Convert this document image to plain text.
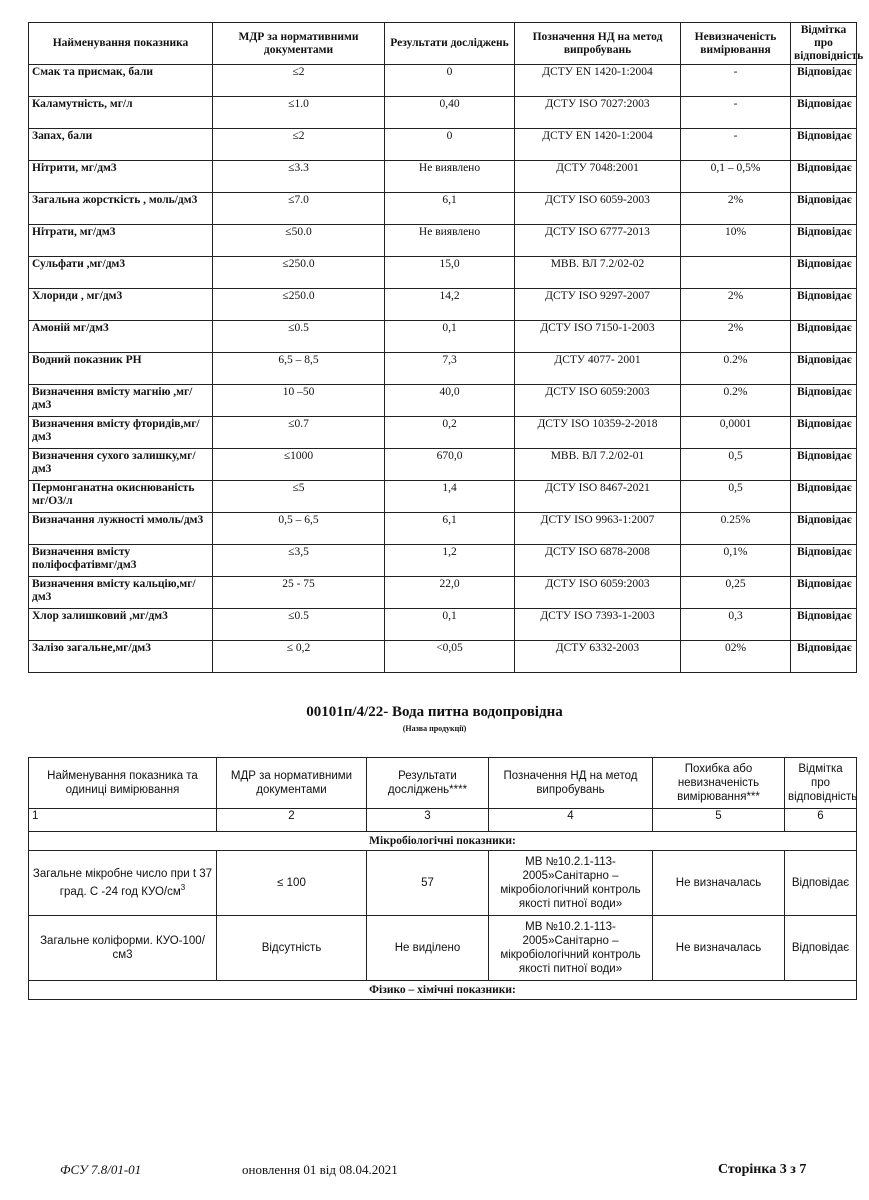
Найменування показника	МДР за нормативними документами	Результати досліджень	Позначення НД на метод випробувань	Невизначеність вимірювання	Відмітка про відповідність
Смак та присмак, бали	≤2	0	ДСТУ EN 1420-1:2004	-	Відповідає
Каламутність, мг/л	≤1.0	0,40	ДСТУ ISO 7027:2003	-	Відповідає
Запах, бали	≤2	0	ДСТУ EN 1420-1:2004	-	Відповідає
Нітрити, мг/дм3	≤3.3	Не виявлено	ДСТУ 7048:2001	0,1 – 0,5%	Відповідає
Загальна жорсткість , моль/дм3	≤7.0	6,1	ДСТУ ISO 6059-2003	2%	Відповідає
Нітрати, мг/дм3	≤50.0	Не виявлено	ДСТУ ISO 6777-2013	10%	Відповідає
Сульфати ,мг/дм3	≤250.0	15,0	МВВ. ВЛ 7.2/02-02		Відповідає
Хлориди , мг/дм3	≤250.0	14,2	ДСТУ ISO 9297-2007	2%	Відповідає
Амоній мг/дм3	≤0.5	0,1	ДСТУ ISO 7150-1-2003	2%	Відповідає
Водний показник РН	6,5 – 8,5	7,3	ДСТУ 4077- 2001	0.2%	Відповідає
Визначення вмісту магнію ,мг/дм3	10 –50	40,0	ДСТУ ISO 6059:2003	0.2%	Відповідає
Визначення вмісту фторидів,мг/дм3	≤0.7	0,2	ДСТУ ISO 10359-2-2018	0,0001	Відповідає
Визначення сухого залишку,мг/дм3	≤1000	670,0	МВВ. ВЛ 7.2/02-01	0,5	Відповідає
Пермонганатна окиснюваність мг/О3/л	≤5	1,4	ДСТУ ISO 8467-2021	0,5	Відповідає
Визначання лужності ммоль/дм3	0,5 – 6,5	6,1	ДСТУ ISO 9963-1:2007	0.25%	Відповідає
Визначення вмісту поліфосфатівмг/дм3	≤3,5	1,2	ДСТУ ISO 6878-2008	0,1%	Відповідає
Визначення вмісту кальцію,мг/дм3	25 - 75	22,0	ДСТУ ISO 6059:2003	0,25	Відповідає
Хлор залишковий ,мг/дм3	≤0.5	0,1	ДСТУ ISO 7393-1-2003	0,3	Відповідає
Залізо загальне,мг/дм3	≤ 0,2	<0,05	ДСТУ 6332-2003	02%	Відповідає
00101п/4/22- Вода питна водопровідна
(Назва продукції)
Найменування показника та одиниці вимірювання	МДР за нормативними документами	Результати досліджень****	Позначення НД на метод випробувань	Похибка або невизначеність вимірювання***	Відмітка про відповідність
1	2	3	4	5	6
Мікробіологічні показники:					
Загальне мікробне число при t 37 град. С -24 год КУО/$см^3$	≤ 100	57	МВ №10.2.1-113-2005»Санітарно – мікробіологічний контроль якості питної води»	Не визначалась	Відповідає
Загальне коліформи. КУО-100/см3	Відсутність	Не виділено	МВ №10.2.1-113-2005»Санітарно – мікробіологічний контроль якості питної води»	Не визначалась	Відповідає
Фізико – хімічні показники:					
ФСУ 7.8/01-01	оновлення 01 від 08.04.2021	Сторінка 3 з 7
